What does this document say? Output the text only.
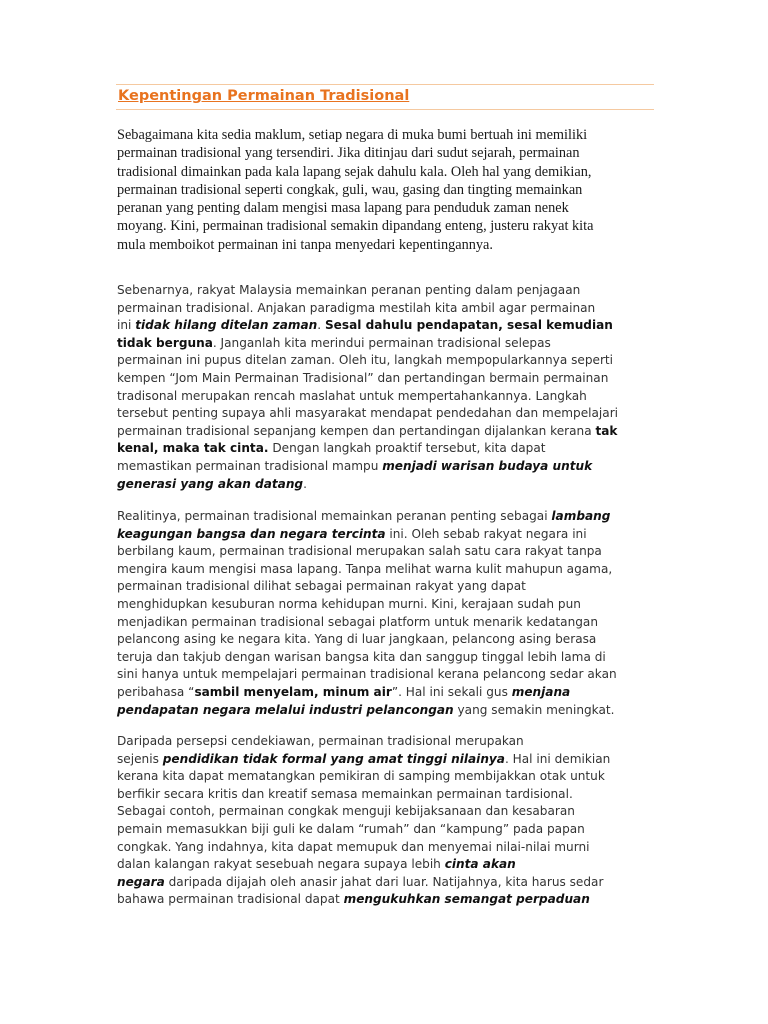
Kepentingan Permainan Tradisional
Sebagaimana kita sedia maklum, setiap negara di muka bumi bertuah ini memiliki
permainan tradisional yang tersendiri. Jika ditinjau dari sudut sejarah, permainan
tradisional dimainkan pada kala lapang sejak dahulu kala. Oleh hal yang demikian,
permainan tradisional seperti congkak, guli, wau, gasing dan tingting memainkan
peranan yang penting dalam mengisi masa lapang para penduduk zaman nenek
moyang. Kini, permainan tradisional semakin dipandang enteng, justeru rakyat kita
mula memboikot permainan ini tanpa menyedari kepentingannya.
Sebenarnya, rakyat Malaysia memainkan peranan penting dalam penjagaan
permainan tradisional. Anjakan paradigma mestilah kita ambil agar permainan
ini tidak hilang ditelan zaman. Sesal dahulu pendapatan, sesal kemudian
tidak berguna. Janganlah kita merindui permainan tradisional selepas
permainan ini pupus ditelan zaman. Oleh itu, langkah mempopularkannya seperti
kempen “Jom Main Permainan Tradisional” dan pertandingan bermain permainan
tradisonal merupakan rencah maslahat untuk mempertahankannya. Langkah
tersebut penting supaya ahli masyarakat mendapat pendedahan dan mempelajari
permainan tradisional sepanjang kempen dan pertandingan dijalankan kerana tak
kenal, maka tak cinta. Dengan langkah proaktif tersebut, kita dapat
memastikan permainan tradisional mampu menjadi warisan budaya untuk
generasi yang akan datang.
Realitinya, permainan tradisional memainkan peranan penting sebagai lambang
keagungan bangsa dan negara tercinta ini. Oleh sebab rakyat negara ini
berbilang kaum, permainan tradisional merupakan salah satu cara rakyat tanpa
mengira kaum mengisi masa lapang. Tanpa melihat warna kulit mahupun agama,
permainan tradisional dilihat sebagai permainan rakyat yang dapat
menghidupkan kesuburan norma kehidupan murni. Kini, kerajaan sudah pun
menjadikan permainan tradisional sebagai platform untuk menarik kedatangan
pelancong asing ke negara kita. Yang di luar jangkaan, pelancong asing berasa
teruja dan takjub dengan warisan bangsa kita dan sanggup tinggal lebih lama di
sini hanya untuk mempelajari permainan tradisional kerana pelancong sedar akan
peribahasa “sambil menyelam, minum air”. Hal ini sekali gus menjana
pendapatan negara melalui industri pelancongan yang semakin meningkat.
Daripada persepsi cendekiawan, permainan tradisional merupakan
sejenis pendidikan tidak formal yang amat tinggi nilainya. Hal ini demikian
kerana kita dapat mematangkan pemikiran di samping membijakkan otak untuk
berfikir secara kritis dan kreatif semasa memainkan permainan tardisional.
Sebagai contoh, permainan congkak menguji kebijaksanaan dan kesabaran
pemain memasukkan biji guli ke dalam “rumah” dan “kampung” pada papan
congkak. Yang indahnya, kita dapat memupuk dan menyemai nilai-nilai murni
dalan kalangan rakyat sesebuah negara supaya lebih cinta akan
negara daripada dijajah oleh anasir jahat dari luar. Natijahnya, kita harus sedar
bahawa permainan tradisional dapat mengukuhkan semangat perpaduan
